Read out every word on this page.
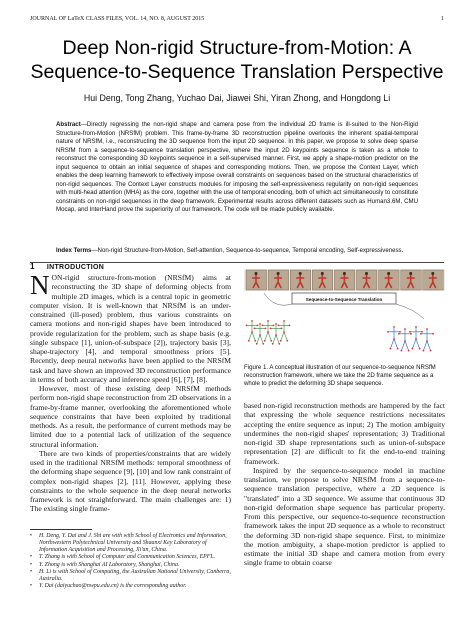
JOURNAL OF LaTeX CLASS FILES, VOL. 14, NO. 8, AUGUST 2015	1
Deep Non-rigid Structure-from-Motion: A
Sequence-to-Sequence Translation Perspective
Hui Deng, Tong Zhang, Yuchao Dai, Jiawei Shi, Yiran Zhong, and Hongdong Li
Abstract—Directly regressing the non-rigid shape and camera pose from the individual 2D frame is ill-suited to the Non-Rigid Structure-from-Motion (NRSfM) problem. This frame-by-frame 3D reconstruction pipeline overlooks the inherent spatial-temporal nature of NRSfM, i.e., reconstructing the 3D sequence from the input 2D sequence. In this paper, we propose to solve deep sparse NRSfM from a sequence-to-sequence translation perspective, where the input 2D keypoints sequence is taken as a whole to reconstruct the corresponding 3D keypoints sequence in a self-supervised manner. First, we apply a shape-motion predictor on the input sequence to obtain an initial sequence of shapes and corresponding motions. Then, we propose the Context Layer, which enables the deep learning framework to effectively impose overall constraints on sequences based on the structural characteristics of non-rigid sequences. The Context Layer constructs modules for imposing the self-expressiveness regularity on non-rigid sequences with multi-head attention (MHA) as the core, together with the use of temporal encoding, both of which act simultaneously to constitute constraints on non-rigid sequences in the deep framework. Experimental results across different datasets such as Human3.6M, CMU Mocap, and InterHand prove the superiority of our framework. The code will be made publicly available.
Index Terms—Non-rigid Structure-from-Motion, Self-attention, Sequence-to-sequence, Temporal encoding, Self-expressiveness.
1 INTRODUCTION

NON-rigid structure-from-motion (NRSfM) aims at reconstructing the 3D shape of deforming objects from multiple 2D images, which is a central topic in geometric computer vision. It is well-known that NRSfM is an under-constrained (ill-posed) problem, thus various constraints on camera motions and non-rigid shapes have been introduced to provide regularization for the problem, such as shape basis (e.g. single subspace [1], union-of-subspace [2]), trajectory basis [3], shape-trajectory [4], and temporal smoothness priors [5]. Recently, deep neural networks have been applied to the NRSfM task and have shown an improved 3D reconstruction performance in terms of both accuracy and inference speed [6], [7], [8].

However, most of these existing deep NRSfM methods perform non-rigid shape reconstruction from 2D observations in a frame-by-frame manner, overlooking the aforementioned whole sequence constraints that have been exploited by traditional methods. As a result, the performance of current methods may be limited due to a potential lack of utilization of the sequence structural information.

There are two kinds of properties/constraints that are widely used in the traditional NRSfM methods: temporal smoothness of the deforming shape sequence [9], [10] and low rank constraint of complex non-rigid shapes [2], [11]. However, applying these constraints to the whole sequence in the deep neural networks framework is not straightforward. The main challenges are: 1) The existing single frame-

• H. Deng, Y. Dai and J. Shi are with with School of Electronics and Information, Northwestern Polytechnical University and Shaanxi Key Laboratory of Information Acquisition and Processing, Xi'an, China.
• T. Zhang is with School of Computer and Communication Sciences, EPFL.
• Y. Zhong is with Shanghai AI Laboratory, Shanghai, China.
• H. Li is with School of Computing, the Australian National University, Canberra, Australia.
• Y. Dai (daiyuchao@nwpu.edu.cn) is the corresponding author.
Sequence-to-Sequence Translation
Figure 1. A conceptual illustration of our sequence-to-sequence NRSfM reconstruction framework, where we take the 2D frame sequence as a whole to predict the deforming 3D shape sequence.

based non-rigid reconstruction methods are hampered by the fact that expressing the whole sequence restrictions necessitates accepting the entire sequence as input; 2) The motion ambiguity undermines the non-rigid shapes' representation; 3) Traditional non-rigid 3D shape representations such as union-of-subspace representation [2] are difficult to fit the end-to-end training framework.

Inspired by the sequence-to-sequence model in machine translation, we propose to solve NRSfM from a sequence-to-sequence translation perspective, where a 2D sequence is "translated" into a 3D sequence. We assume that continuous 3D non-rigid deformation shape sequence has particular property. From this perspective, our sequence-to-sequence reconstruction framework takes the input 2D sequence as a whole to reconstruct the deforming 3D non-rigid shape sequence. First, to minimize the motion ambiguity, a shape-motion predictor is applied to estimate the initial 3D shape and camera motion from every single frame to obtain coarse
